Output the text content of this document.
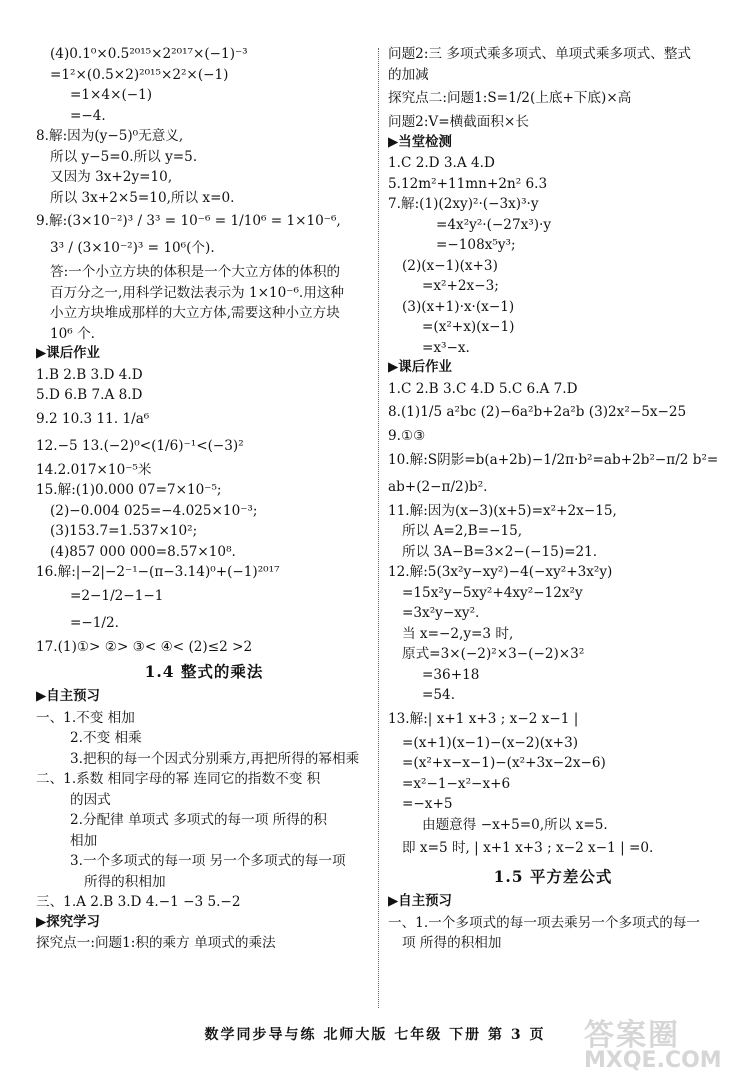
(4)0.1⁰×0.5²⁰¹⁵×2²⁰¹⁷×(−1)⁻³
=1²×(0.5×2)²⁰¹⁵×2²×(−1)
=1×4×(−1)
=−4.
8.解:因为(y−5)⁰无意义,
所以 y−5=0.所以 y=5.
又因为 3x+2y=10,
所以 3x+2×5=10,所以 x=0.
9.解:(3×10⁻²)³ / 3³ = 10⁻⁶ = 1/10⁶ = 1×10⁻⁶,
3³ / (3×10⁻²)³ = 10⁶(个).
答:一个小立方块的体积是一个大立方体的体积的
百万分之一,用科学记数法表示为 1×10⁻⁶.用这种
小立方块堆成那样的大立方体,需要这种小立方块
10⁶ 个.
▶课后作业
1.B 2.B 3.D 4.D
5.D 6.B 7.A 8.D
9.2 10.3 11. 1/a⁶
12.−5 13.(−2)⁰<(1/6)⁻¹<(−3)²
14.2.017×10⁻⁵米
15.解:(1)0.000 07=7×10⁻⁵;
(2)−0.004 025=−4.025×10⁻³;
(3)153.7=1.537×10²;
(4)857 000 000=8.57×10⁸.
16.解:|−2|−2⁻¹−(π−3.14)⁰+(−1)²⁰¹⁷
=2−1/2−1−1
=−1/2.
17.(1)①> ②> ③< ④< (2)≤2 >2
1.4 整式的乘法
▶自主预习
一、1.不变 相加
2.不变 相乘
3.把积的每一个因式分别乘方,再把所得的幂相乘
二、1.系数 相同字母的幂 连同它的指数不变 积
的因式
2.分配律 单项式 多项式的每一项 所得的积
相加
3.一个多项式的每一项 另一个多项式的每一项
所得的积相加
三、1.A 2.B 3.D 4.−1 −3 5.−2
▶探究学习
探究点一:问题1:积的乘方 单项式的乘法
问题2:三 多项式乘多项式、单项式乘多项式、整式
的加减
探究点二:问题1:S=1/2(上底+下底)×高
问题2:V=横截面积×长
▶当堂检测
1.C 2.D 3.A 4.D
5.12m²+11mn+2n² 6.3
7.解:(1)(2xy)²·(−3x)³·y
=4x²y²·(−27x³)·y
=−108x⁵y³;
(2)(x−1)(x+3)
=x²+2x−3;
(3)(x+1)·x·(x−1)
=(x²+x)(x−1)
=x³−x.
▶课后作业
1.C 2.B 3.C 4.D 5.C 6.A 7.D
8.(1)1/5 a²bc (2)−6a²b+2a²b (3)2x²−5x−25
9.①③
10.解:S阴影=b(a+2b)−1/2π·b²=ab+2b²−π/2 b²=
ab+(2−π/2)b².
11.解:因为(x−3)(x+5)=x²+2x−15,
所以 A=2,B=−15,
所以 3A−B=3×2−(−15)=21.
12.解:5(3x²y−xy²)−4(−xy²+3x²y)
=15x²y−5xy²+4xy²−12x²y
=3x²y−xy².
当 x=−2,y=3 时,
原式=3×(−2)²×3−(−2)×3²
=36+18
=54.
13.解:| x+1 x+3 ; x−2 x−1 |
=(x+1)(x−1)−(x−2)(x+3)
=(x²+x−x−1)−(x²+3x−2x−6)
=x²−1−x²−x+6
=−x+5
由题意得 −x+5=0,所以 x=5.
即 x=5 时, | x+1 x+3 ; x−2 x−1 | =0.
1.5 平方差公式
▶自主预习
一、1.一个多项式的每一项去乘另一个多项式的每一
项 所得的积相加
数学同步导与练 北师大版 七年级 下册 第 3 页	答案圈
MXQE.COM
